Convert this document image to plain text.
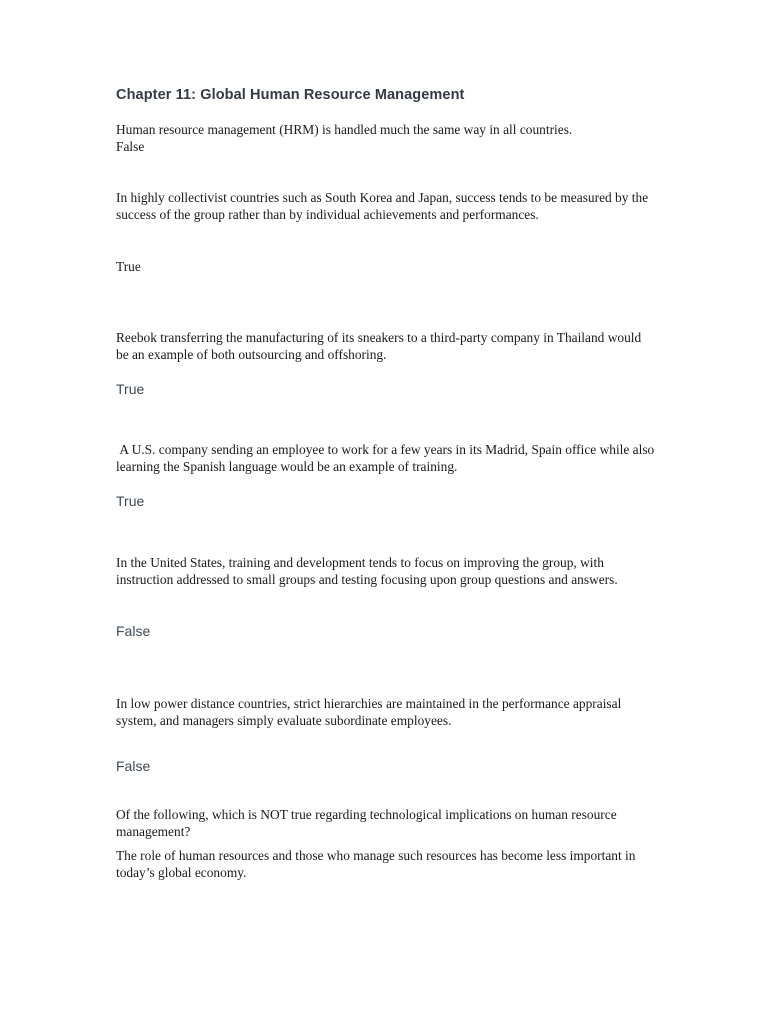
Chapter 11: Global Human Resource Management
Human resource management (HRM) is handled much the same way in all countries.
False

In highly collectivist countries such as South Korea and Japan, success tends to be measured by the success of the group rather than by individual achievements and performances.

True

Reebok transferring the manufacturing of its sneakers to a third-party company in Thailand would be an example of both outsourcing and offshoring.

True

A U.S. company sending an employee to work for a few years in its Madrid, Spain office while also learning the Spanish language would be an example of training.

True

In the United States, training and development tends to focus on improving the group, with instruction addressed to small groups and testing focusing upon group questions and answers.

False

In low power distance countries, strict hierarchies are maintained in the performance appraisal system, and managers simply evaluate subordinate employees.

False

Of the following, which is NOT true regarding technological implications on human resource management?

The role of human resources and those who manage such resources has become less important in today’s global economy.
